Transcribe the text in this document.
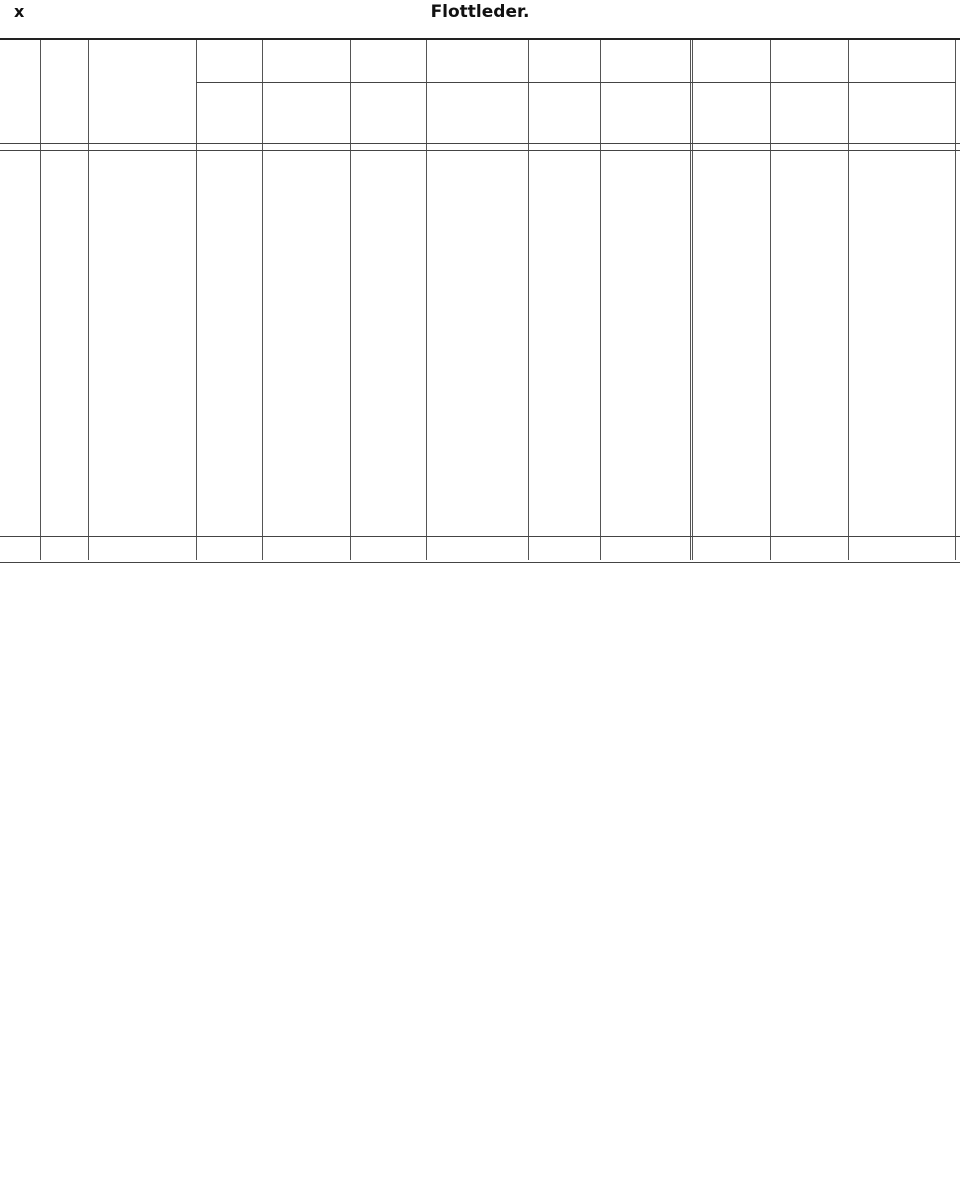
x	Flottleder.
